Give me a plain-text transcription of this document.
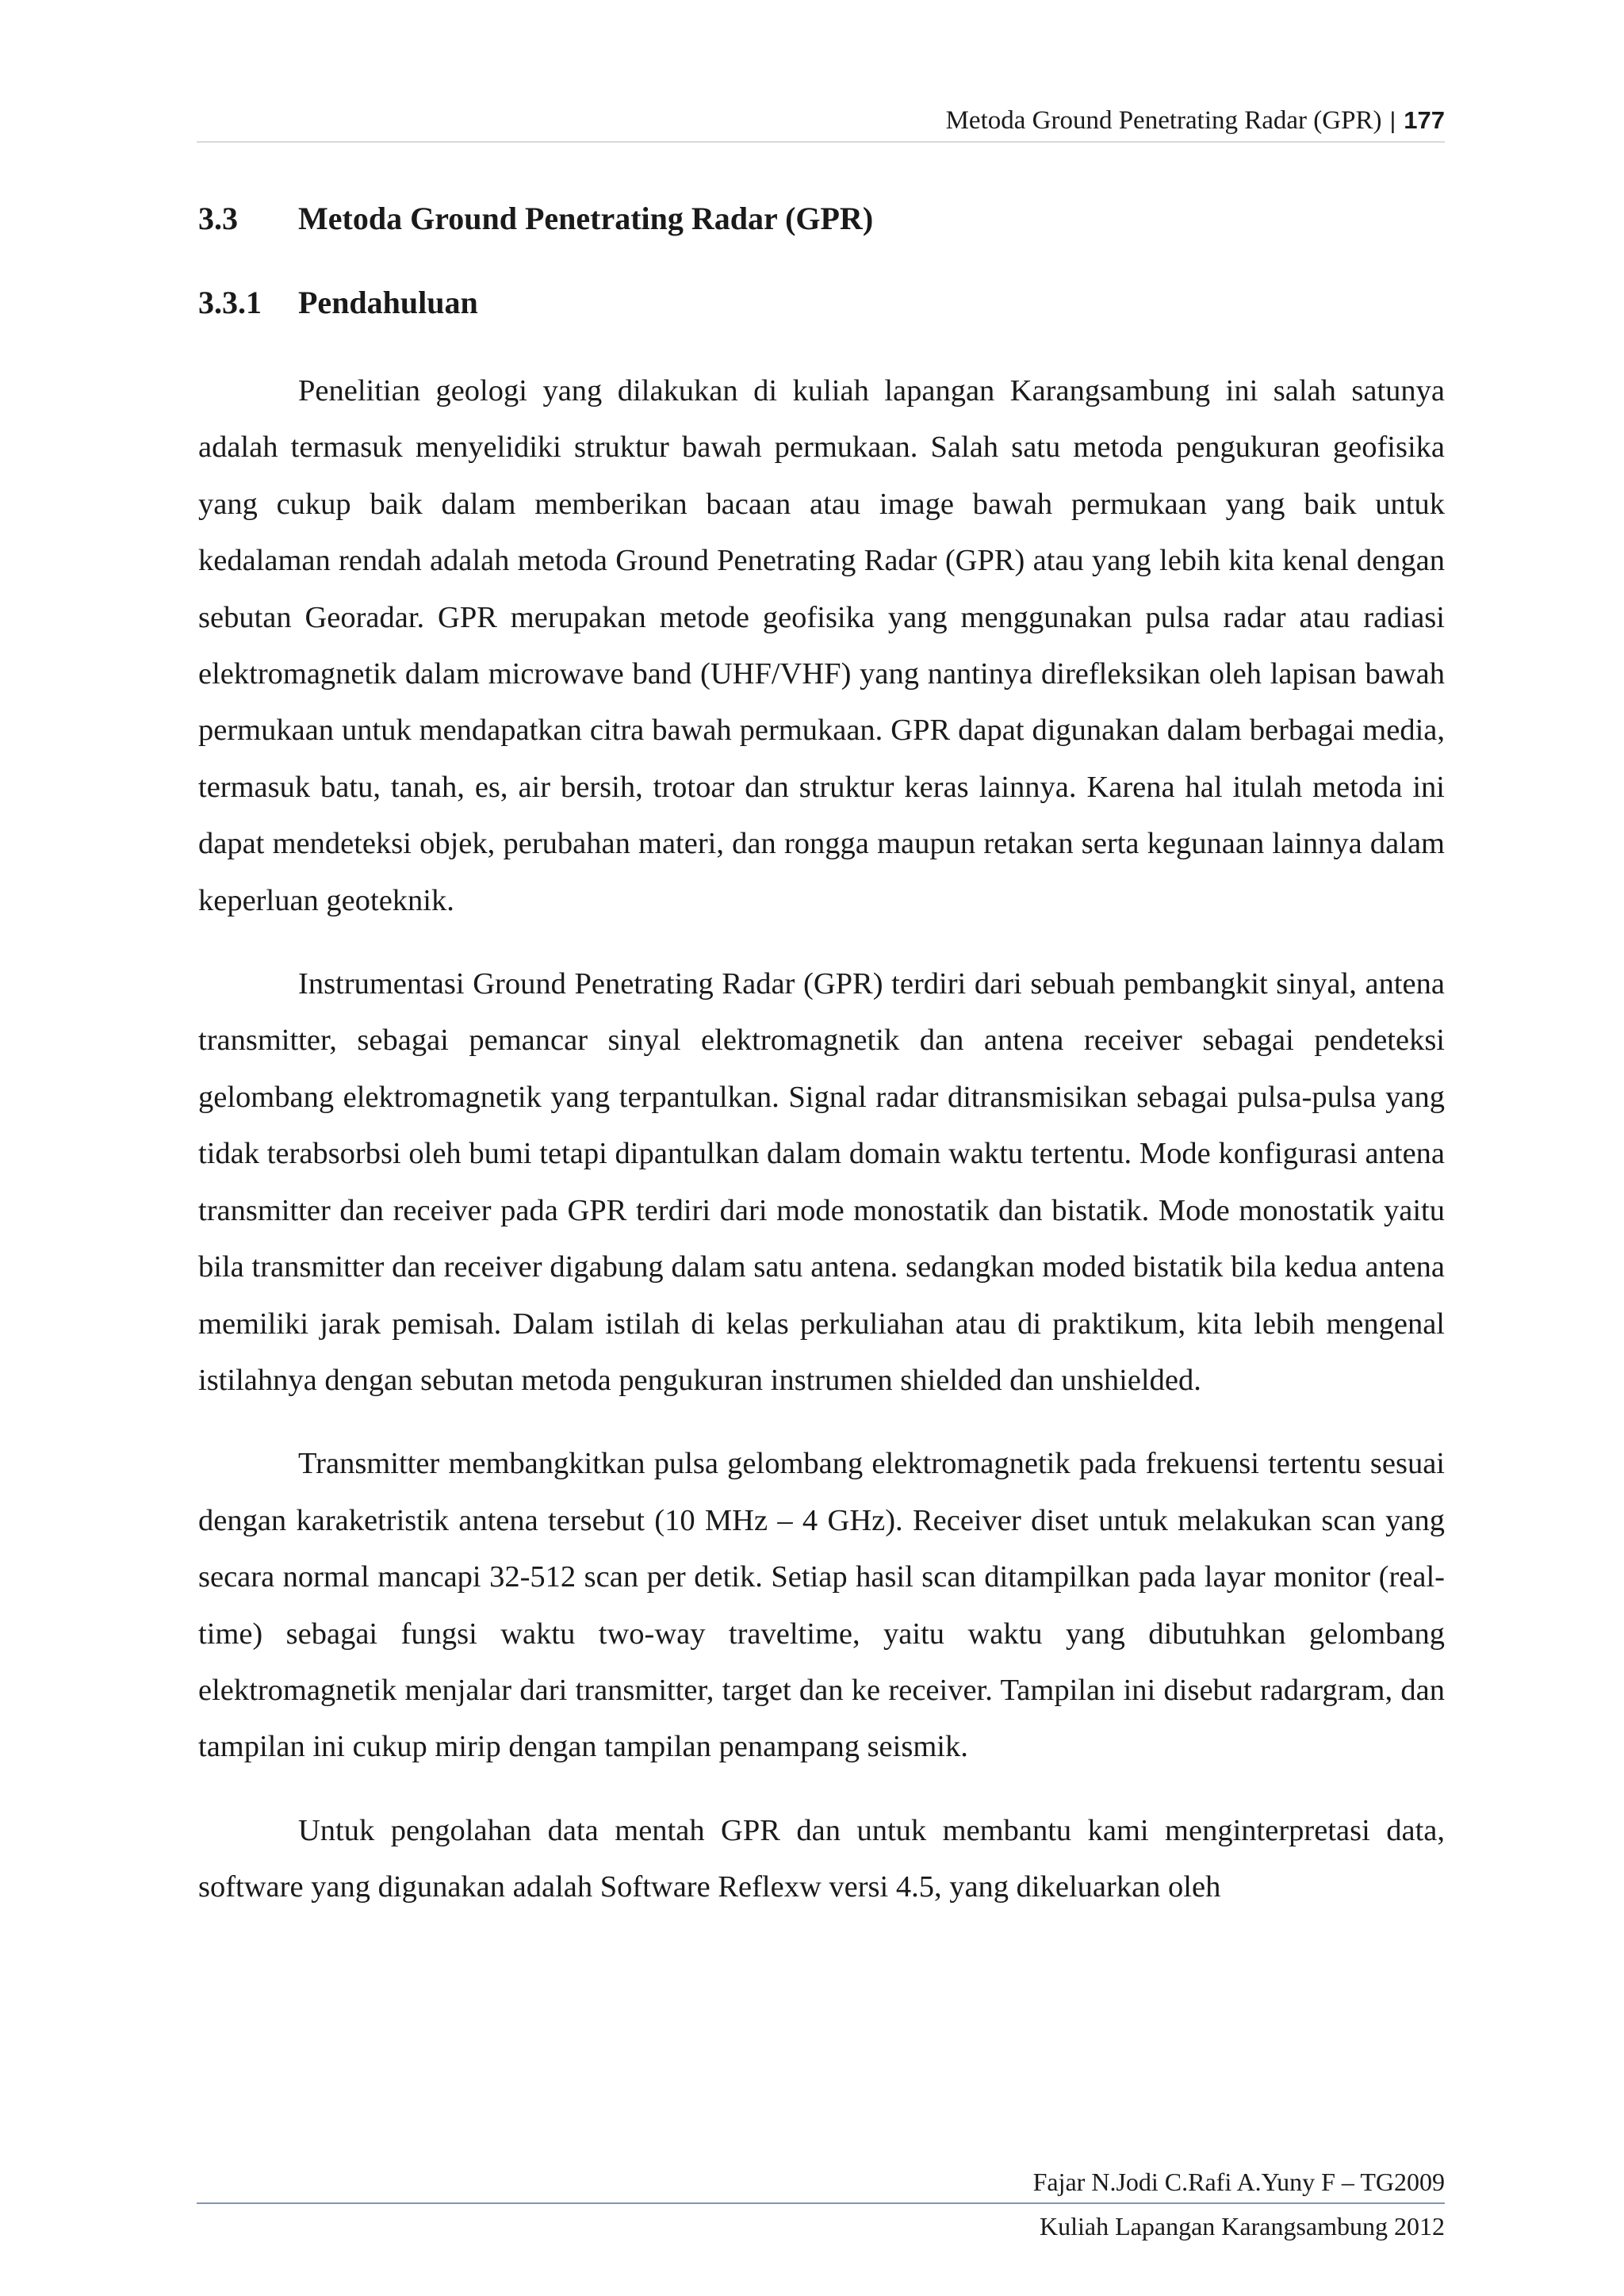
Metoda Ground Penetrating Radar (GPR) | 177
3.3 Metoda Ground Penetrating Radar (GPR)
3.3.1 Pendahuluan

Penelitian geologi yang dilakukan di kuliah lapangan Karangsambung ini salah satunya adalah termasuk menyelidiki struktur bawah permukaan. Salah satu metoda pengukuran geofisika yang cukup baik dalam memberikan bacaan atau image bawah permukaan yang baik untuk kedalaman rendah adalah metoda Ground Penetrating Radar (GPR) atau yang lebih kita kenal dengan sebutan Georadar. GPR merupakan metode geofisika yang menggunakan pulsa radar atau radiasi elektromagnetik dalam microwave band (UHF/VHF) yang nantinya direfleksikan oleh lapisan bawah permukaan untuk mendapatkan citra bawah permukaan. GPR dapat digunakan dalam berbagai media, termasuk batu, tanah, es, air bersih, trotoar dan struktur keras lainnya. Karena hal itulah metoda ini dapat mendeteksi objek, perubahan materi, dan rongga maupun retakan serta kegunaan lainnya dalam keperluan geoteknik.

Instrumentasi Ground Penetrating Radar (GPR) terdiri dari sebuah pembangkit sinyal, antena transmitter, sebagai pemancar sinyal elektromagnetik dan antena receiver sebagai pendeteksi gelombang elektromagnetik yang terpantulkan. Signal radar ditransmisikan sebagai pulsa-pulsa yang tidak terabsorbsi oleh bumi tetapi dipantulkan dalam domain waktu tertentu. Mode konfigurasi antena transmitter dan receiver pada GPR terdiri dari mode monostatik dan bistatik. Mode monostatik yaitu bila transmitter dan receiver digabung dalam satu antena. sedangkan moded bistatik bila kedua antena memiliki jarak pemisah. Dalam istilah di kelas perkuliahan atau di praktikum, kita lebih mengenal istilahnya dengan sebutan metoda pengukuran instrumen shielded dan unshielded.

Transmitter membangkitkan pulsa gelombang elektromagnetik pada frekuensi tertentu sesuai dengan karaketristik antena tersebut (10 MHz – 4 GHz). Receiver diset untuk melakukan scan yang secara normal mancapi 32-512 scan per detik. Setiap hasil scan ditampilkan pada layar monitor (real-time) sebagai fungsi waktu two-way traveltime, yaitu waktu yang dibutuhkan gelombang elektromagnetik menjalar dari transmitter, target dan ke receiver. Tampilan ini disebut radargram, dan tampilan ini cukup mirip dengan tampilan penampang seismik.

Untuk pengolahan data mentah GPR dan untuk membantu kami menginterpretasi data, software yang digunakan adalah Software Reflexw versi 4.5, yang dikeluarkan oleh

Fajar N.Jodi C.Rafi A.Yuny F – TG2009
Kuliah Lapangan Karangsambung 2012
